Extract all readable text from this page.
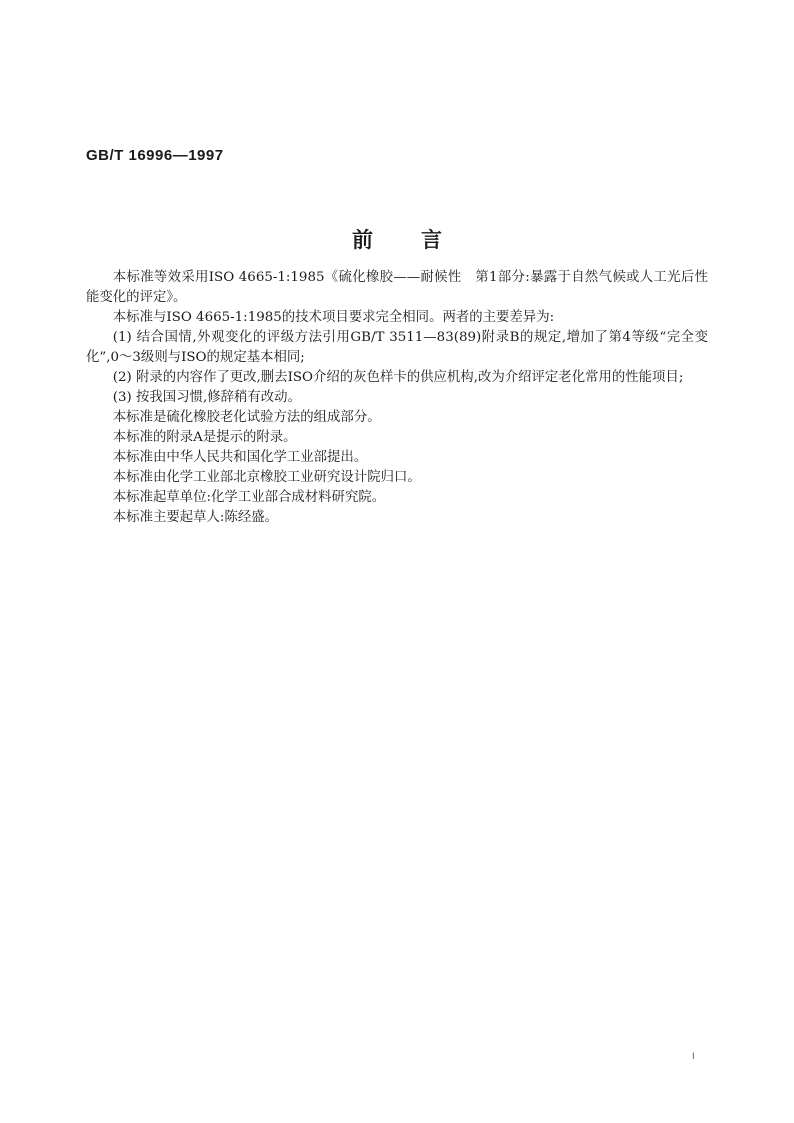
GB/T 16996—1997
前言

本标准等效采用ISO 4665-1:1985《硫化橡胶——耐候性　第1部分:暴露于自然气候或人工光后性能变化的评定》。

本标准与ISO 4665-1:1985的技术项目要求完全相同。两者的主要差异为:

(1) 结合国情,外观变化的评级方法引用GB/T 3511—83(89)附录B的规定,增加了第4等级“完全变化”,0～3级则与ISO的规定基本相同;

(2) 附录的内容作了更改,删去ISO介绍的灰色样卡的供应机构,改为介绍评定老化常用的性能项目;

(3) 按我国习惯,修辞稍有改动。

本标准是硫化橡胶老化试验方法的组成部分。

本标准的附录A是提示的附录。

本标准由中华人民共和国化学工业部提出。

本标准由化学工业部北京橡胶工业研究设计院归口。

本标准起草单位:化学工业部合成材料研究院。

本标准主要起草人:陈经盛。

I
